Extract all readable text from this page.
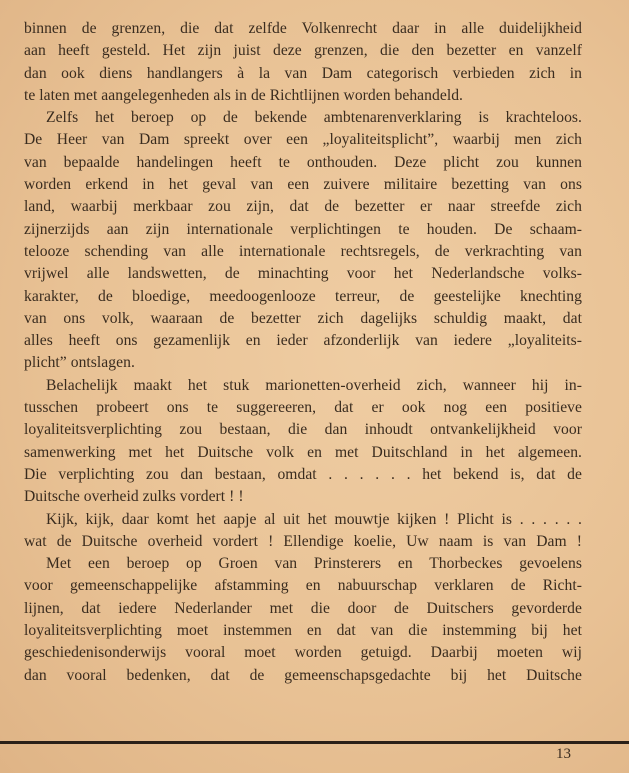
binnen de grenzen, die dat zelfde Volkenrecht daar in alle duidelijkheid
aan heeft gesteld. Het zijn juist deze grenzen, die den bezetter en vanzelf
dan ook diens handlangers à la van Dam categorisch verbieden zich in
te laten met aangelegenheden als in de Richtlijnen worden behandeld.
Zelfs het beroep op de bekende ambtenarenverklaring is krachteloos.
De Heer van Dam spreekt over een „loyaliteitsplicht”, waarbij men zich
van bepaalde handelingen heeft te onthouden. Deze plicht zou kunnen
worden erkend in het geval van een zuivere militaire bezetting van ons
land, waarbij merkbaar zou zijn, dat de bezetter er naar streefde zich
zijnerzijds aan zijn internationale verplichtingen te houden. De schaam-
telooze schending van alle internationale rechtsregels, de verkrachting van
vrijwel alle landswetten, de minachting voor het Nederlandsche volks-
karakter, de bloedige, meedoogenlooze terreur, de geestelijke knechting
van ons volk, waaraan de bezetter zich dagelijks schuldig maakt, dat
alles heeft ons gezamenlijk en ieder afzonderlijk van iedere „loyaliteits-
plicht” ontslagen.
Belachelijk maakt het stuk marionetten-overheid zich, wanneer hij in-
tusschen probeert ons te suggereeren, dat er ook nog een positieve
loyaliteitsverplichting zou bestaan, die dan inhoudt ontvankelijkheid voor
samenwerking met het Duitsche volk en met Duitschland in het algemeen.
Die verplichting zou dan bestaan, omdat . . . . . . het bekend is, dat de
Duitsche overheid zulks vordert ! !
Kijk, kijk, daar komt het aapje al uit het mouwtje kijken ! Plicht is . . . . . .
wat de Duitsche overheid vordert ! Ellendige koelie, Uw naam is van Dam !
Met een beroep op Groen van Prinsterers en Thorbeckes gevoelens
voor gemeenschappelijke afstamming en nabuurschap verklaren de Richt-
lijnen, dat iedere Nederlander met die door de Duitschers gevorderde
loyaliteitsverplichting moet instemmen en dat van die instemming bij het
geschiedenisonderwijs vooral moet worden getuigd. Daarbij moeten wij
dan vooral bedenken, dat de gemeenschapsgedachte bij het Duitsche
13
